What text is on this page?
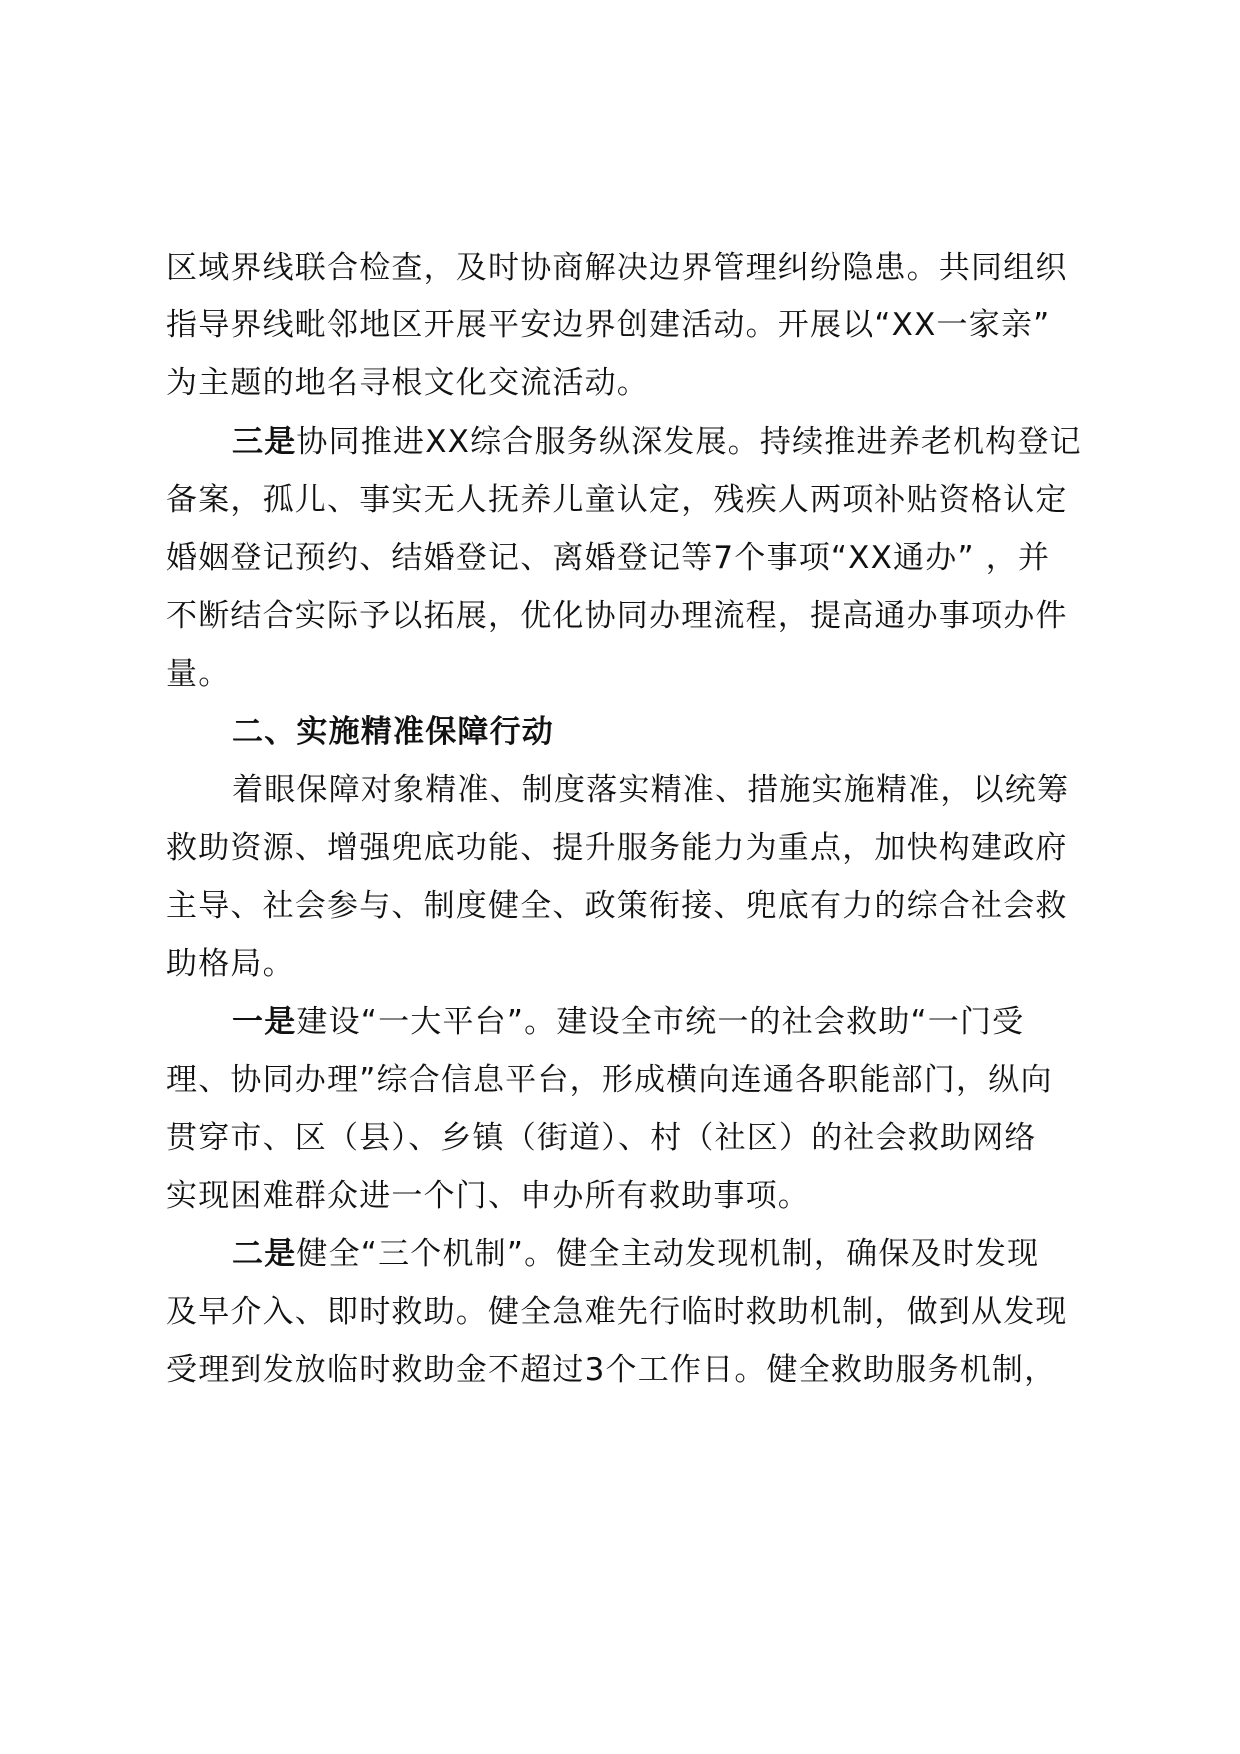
区域界线联合检查，及时协商解决边界管理纠纷隐患。共同组织
指导界线毗邻地区开展平安边界创建活动。开展以“XX一家亲”
为主题的地名寻根文化交流活动。
三是协同推进XX综合服务纵深发展。持续推进养老机构登记
备案，孤儿、事实无人抚养儿童认定，残疾人两项补贴资格认定
婚姻登记预约、结婚登记、离婚登记等7个事项“XX通办” ，并
不断结合实际予以拓展，优化协同办理流程，提高通办事项办件
量。
二、实施精准保障行动
着眼保障对象精准、制度落实精准、措施实施精准，以统筹
救助资源、增强兜底功能、提升服务能力为重点，加快构建政府
主导、社会参与、制度健全、政策衔接、兜底有力的综合社会救
助格局。
一是建设“一大平台”。建设全市统一的社会救助“一门受
理、协同办理”综合信息平台，形成横向连通各职能部门，纵向
贯穿市、区（县）、乡镇（街道）、村（社区）的社会救助网络
实现困难群众进一个门、申办所有救助事项。
二是健全“三个机制”。健全主动发现机制，确保及时发现
及早介入、即时救助。健全急难先行临时救助机制，做到从发现
受理到发放临时救助金不超过3个工作日。健全救助服务机制，
